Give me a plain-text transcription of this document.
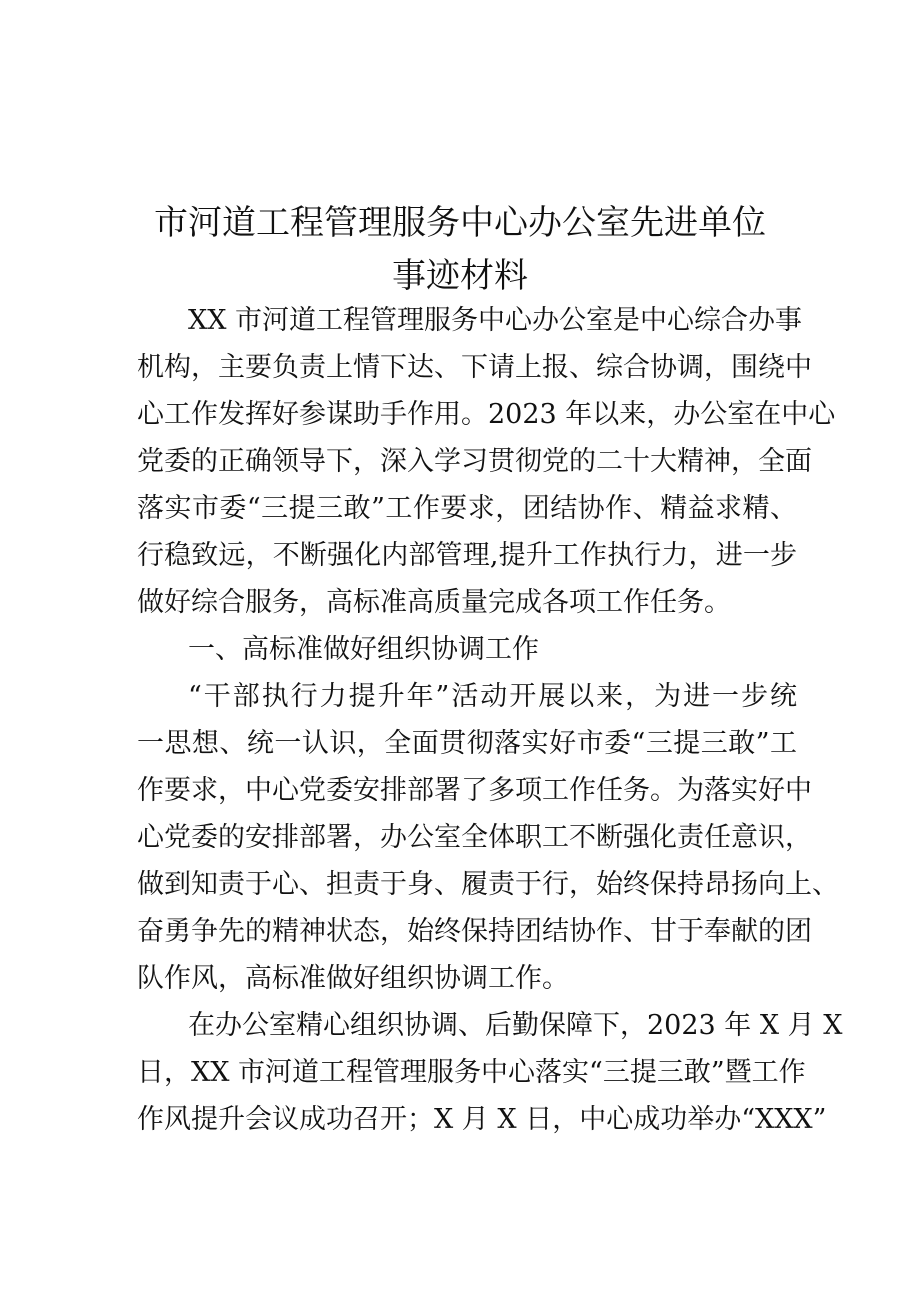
市河道工程管理服务中心办公室先进单位
事迹材料
XX 市河道工程管理服务中心办公室是中心综合办事
机构，主要负责上情下达、下请上报、综合协调，围绕中
心工作发挥好参谋助手作用。2023 年以来，办公室在中心
党委的正确领导下，深入学习贯彻党的二十大精神，全面
落实市委“三提三敢”工作要求，团结协作、精益求精、
行稳致远，不断强化内部管理,提升工作执行力，进一步
做好综合服务，高标准高质量完成各项工作任务。
一、高标准做好组织协调工作
“干部执行力提升年”活动开展以来，为进一步统
一思想、统一认识，全面贯彻落实好市委“三提三敢”工
作要求，中心党委安排部署了多项工作任务。为落实好中
心党委的安排部署，办公室全体职工不断强化责任意识，
做到知责于心、担责于身、履责于行，始终保持昂扬向上、
奋勇争先的精神状态，始终保持团结协作、甘于奉献的团
队作风，高标准做好组织协调工作。
在办公室精心组织协调、后勤保障下，2023 年 X 月 X
日，XX 市河道工程管理服务中心落实“三提三敢”暨工作
作风提升会议成功召开；X 月 X 日，中心成功举办“XXX”
